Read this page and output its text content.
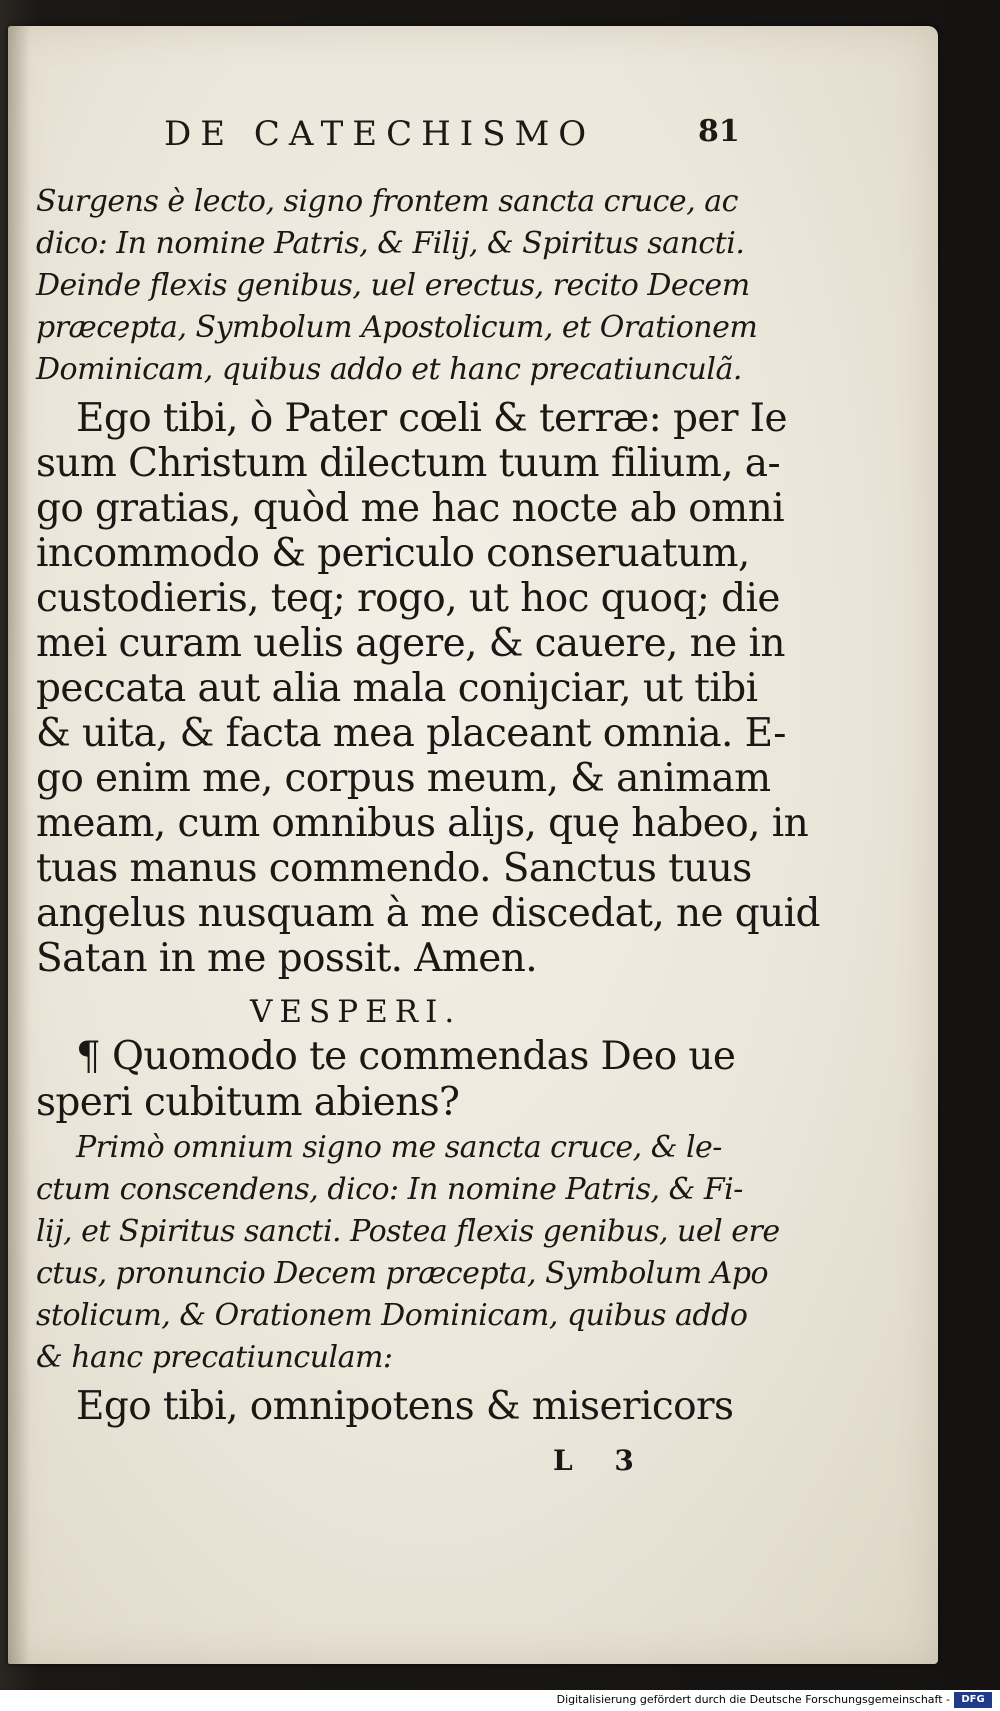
DE CATECHISMO	81
Surgens è lecto, signo frontem sancta cruce, ac
dico: In nomine Patris, & Filij, & Spiritus sancti.
Deinde flexis genibus, uel erectus, recito Decem
præcepta, Symbolum Apostolicum, et Orationem
Dominicam, quibus addo et hanc precatiunculã.
Ego tibi, ò Pater cœli & terræ: per Ie
sum Christum dilectum tuum filium, a-
go gratias, quòd me hac nocte ab omni
incommodo & periculo conseruatum,
custodieris, teq; rogo, ut hoc quoq; die
mei curam uelis agere, & cauere, ne in
peccata aut alia mala coniȷciar, ut tibi
& uita, & facta mea placeant omnia. E-
go enim me, corpus meum, & animam
meam, cum omnibus aliȷs, quę habeo, in
tuas manus commendo. Sanctus tuus
angelus nusquam à me discedat, ne quid
Satan in me possit. Amen.
VESPERI.
¶ Quomodo te commendas Deo ue
speri cubitum abiens?
Primò omnium signo me sancta cruce, & le-
ctum conscendens, dico: In nomine Patris, & Fi-
lij, et Spiritus sancti. Postea flexis genibus, uel ere
ctus, pronuncio Decem præcepta, Symbolum Apo
stolicum, & Orationem Dominicam, quibus addo
& hanc precatiunculam:
Ego tibi, omnipotens & misericors
L 3
Digitalisierung gefördert durch die Deutsche Forschungsgemeinschaft -	DFG
